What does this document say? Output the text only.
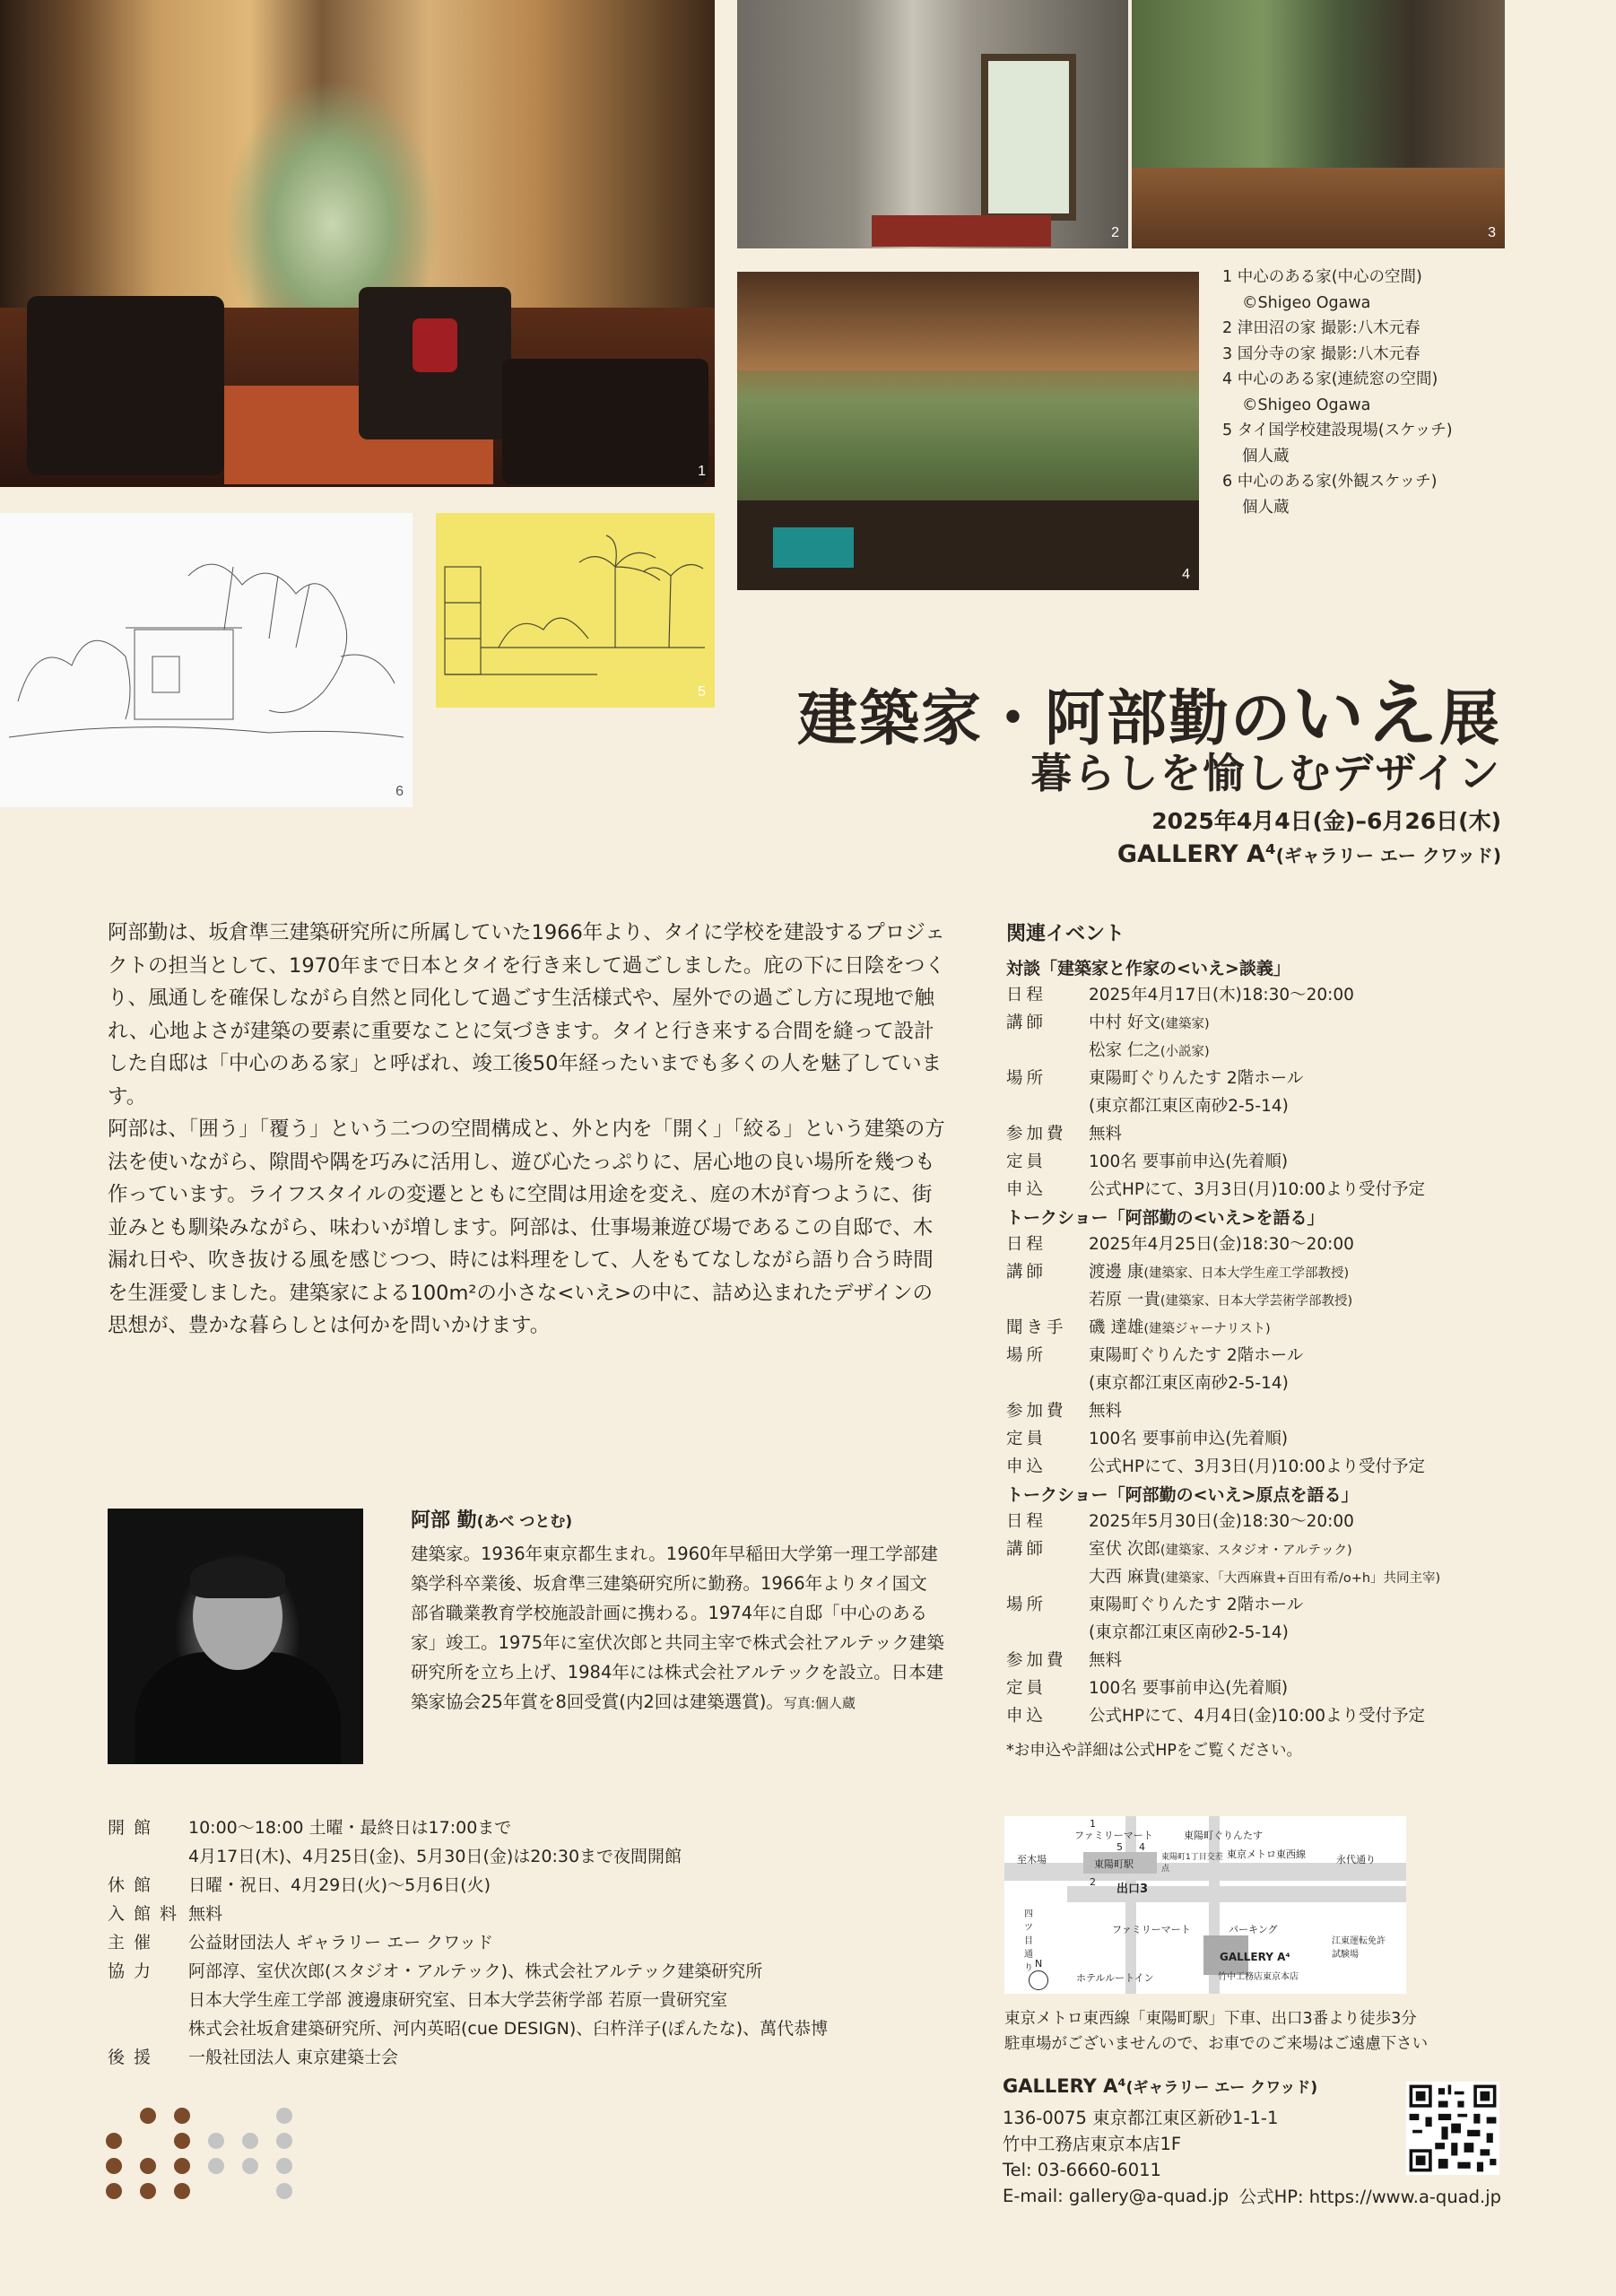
1
2	3
4
5
6
1 中心のある家(中心の空間)
©Shigeo Ogawa
2 津田沼の家 撮影:八木元春
3 国分寺の家 撮影:八木元春
4 中心のある家(連続窓の空間)
©Shigeo Ogawa
5 タイ国学校建設現場(スケッチ)
個人蔵
6 中心のある家(外観スケッチ)
個人蔵
建築家・阿部勤のいえ展
暮らしを愉しむデザイン
2025年4月4日(金)–6月26日(木)
GALLERY A⁴(ギャラリー エー クワッド)

阿部勤は、坂倉準三建築研究所に所属していた1966年より、タイに学校を建設するプロジェクトの担当として、1970年まで日本とタイを行き来して過ごしました。庇の下に日陰をつくり、風通しを確保しながら自然と同化して過ごす生活様式や、屋外での過ごし方に現地で触れ、心地よさが建築の要素に重要なことに気づきます。タイと行き来する合間を縫って設計した自邸は「中心のある家」と呼ばれ、竣工後50年経ったいまでも多くの人を魅了しています。

阿部は、「囲う」「覆う」という二つの空間構成と、外と内を「開く」「絞る」という建築の方法を使いながら、隙間や隅を巧みに活用し、遊び心たっぷりに、居心地の良い場所を幾つも作っています。ライフスタイルの変遷とともに空間は用途を変え、庭の木が育つように、街並みとも馴染みながら、味わいが増します。阿部は、仕事場兼遊び場であるこの自邸で、木漏れ日や、吹き抜ける風を感じつつ、時には料理をして、人をもてなしながら語り合う時間を生涯愛しました。建築家による100m²の小さな<いえ>の中に、詰め込まれたデザインの思想が、豊かな暮らしとは何かを問いかけます。

関連イベント
対談「建築家と作家の<いえ>談義」
日程	2025年4月17日(木)18:30〜20:00
講師	中村 好文(建築家)
松家 仁之(小説家)
場所	東陽町ぐりんたす 2階ホール
(東京都江東区南砂2-5-14)
参加費	無料
定員	100名 要事前申込(先着順)
申込	公式HPにて、3月3日(月)10:00より受付予定
トークショー「阿部勤の<いえ>を語る」
日程	2025年4月25日(金)18:30〜20:00
講師	渡邊 康(建築家、日本大学生産工学部教授)
若原 一貴(建築家、日本大学芸術学部教授)
聞き手	磯 達雄(建築ジャーナリスト)
場所	東陽町ぐりんたす 2階ホール
(東京都江東区南砂2-5-14)
参加費	無料
定員	100名 要事前申込(先着順)
申込	公式HPにて、3月3日(月)10:00より受付予定
トークショー「阿部勤の<いえ>原点を語る」
日程	2025年5月30日(金)18:30〜20:00
講師	室伏 次郎(建築家、スタジオ・アルテック)
大西 麻貴(建築家、「大西麻貴+百田有希/o+h」共同主宰)
場所	東陽町ぐりんたす 2階ホール
(東京都江東区南砂2-5-14)
参加費	無料
定員	100名 要事前申込(先着順)
申込	公式HPにて、4月4日(金)10:00より受付予定
*お申込や詳細は公式HPをご覧ください。
阿部 勤(あべ つとむ)
建築家。1936年東京都生まれ。1960年早稲田大学第一理工学部建築学科卒業後、坂倉準三建築研究所に勤務。1966年よりタイ国文部省職業教育学校施設計画に携わる。1974年に自邸「中心のある家」竣工。1975年に室伏次郎と共同主宰で株式会社アルテック建築研究所を立ち上げ、1984年には株式会社アルテックを設立。日本建築家協会25年賞を8回受賞(内2回は建築選賞)。写真:個人蔵
開館	10:00〜18:00 土曜・最終日は17:00まで
4月17日(木)、4月25日(金)、5月30日(金)は20:30まで夜間開館
休館	日曜・祝日、4月29日(火)〜5月6日(火)
入館料 無料
主催	公益財団法人 ギャラリー エー クワッド
協力	阿部淳、室伏次郎(スタジオ・アルテック)、株式会社アルテック建築研究所
日本大学生産工学部 渡邊康研究室、日本大学芸術学部 若原一貴研究室
株式会社坂倉建築研究所、河内英昭(cue DESIGN)、臼杵洋子(ぽんたな)、萬代恭博
後援	一般社団法人 東京建築士会
ファミリーマート	東陽町ぐりんたす
至木場	東陽町駅
東京メトロ東西線	永代通り
東陽町1丁目交差点
出口3
1
5 4
2
ファミリーマート	パーキング
GALLERY A⁴
竹中工務店東京本店
四ツ目通り
ホテルルートイン
江東運転免許試験場
N
東京メトロ東西線「東陽町駅」下車、出口3番より徒歩3分
駐車場がございませんので、お車でのご来場はご遠慮下さい
GALLERY A⁴(ギャラリー エー クワッド)
136-0075 東京都江東区新砂1-1-1
竹中工務店東京本店1F
Tel: 03-6660-6011
E-mail: gallery@a-quad.jp 公式HP: https://www.a-quad.jp
